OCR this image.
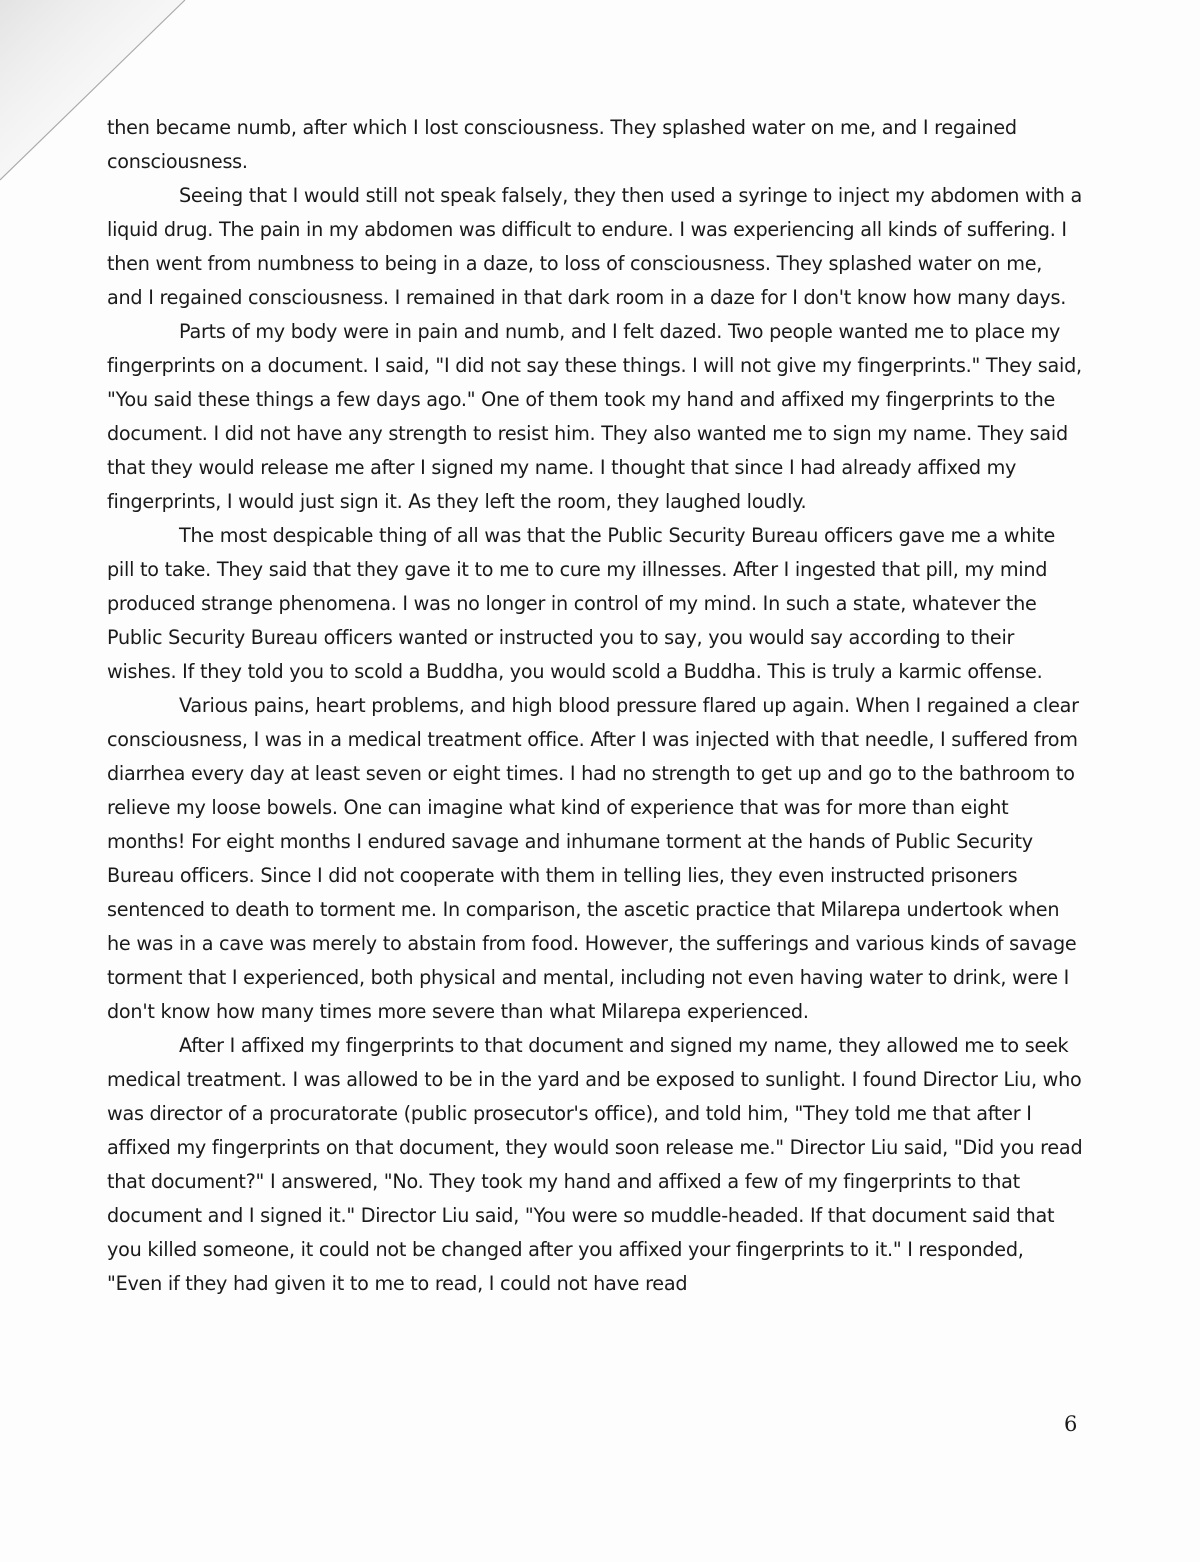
then became numb, after which I lost consciousness. They splashed water on me, and I regained consciousness.

Seeing that I would still not speak falsely, they then used a syringe to inject my abdomen with a liquid drug. The pain in my abdomen was difficult to endure. I was experiencing all kinds of suffering. I then went from numbness to being in a daze, to loss of consciousness. They splashed water on me, and I regained consciousness. I remained in that dark room in a daze for I don't know how many days.

Parts of my body were in pain and numb, and I felt dazed. Two people wanted me to place my fingerprints on a document. I said, "I did not say these things. I will not give my fingerprints." They said, "You said these things a few days ago." One of them took my hand and affixed my fingerprints to the document. I did not have any strength to resist him. They also wanted me to sign my name. They said that they would release me after I signed my name. I thought that since I had already affixed my fingerprints, I would just sign it. As they left the room, they laughed loudly.

The most despicable thing of all was that the Public Security Bureau officers gave me a white pill to take. They said that they gave it to me to cure my illnesses. After I ingested that pill, my mind produced strange phenomena. I was no longer in control of my mind. In such a state, whatever the Public Security Bureau officers wanted or instructed you to say, you would say according to their wishes. If they told you to scold a Buddha, you would scold a Buddha. This is truly a karmic offense.

Various pains, heart problems, and high blood pressure flared up again. When I regained a clear consciousness, I was in a medical treatment office. After I was injected with that needle, I suffered from diarrhea every day at least seven or eight times. I had no strength to get up and go to the bathroom to relieve my loose bowels. One can imagine what kind of experience that was for more than eight months! For eight months I endured savage and inhumane torment at the hands of Public Security Bureau officers. Since I did not cooperate with them in telling lies, they even instructed prisoners sentenced to death to torment me. In comparison, the ascetic practice that Milarepa undertook when he was in a cave was merely to abstain from food. However, the sufferings and various kinds of savage torment that I experienced, both physical and mental, including not even having water to drink, were I don't know how many times more severe than what Milarepa experienced.

After I affixed my fingerprints to that document and signed my name, they allowed me to seek medical treatment. I was allowed to be in the yard and be exposed to sunlight. I found Director Liu, who was director of a procuratorate (public prosecutor's office), and told him, "They told me that after I affixed my fingerprints on that document, they would soon release me." Director Liu said, "Did you read that document?" I answered, "No. They took my hand and affixed a few of my fingerprints to that document and I signed it." Director Liu said, "You were so muddle-headed. If that document said that you killed someone, it could not be changed after you affixed your fingerprints to it." I responded, "Even if they had given it to me to read, I could not have read

6
